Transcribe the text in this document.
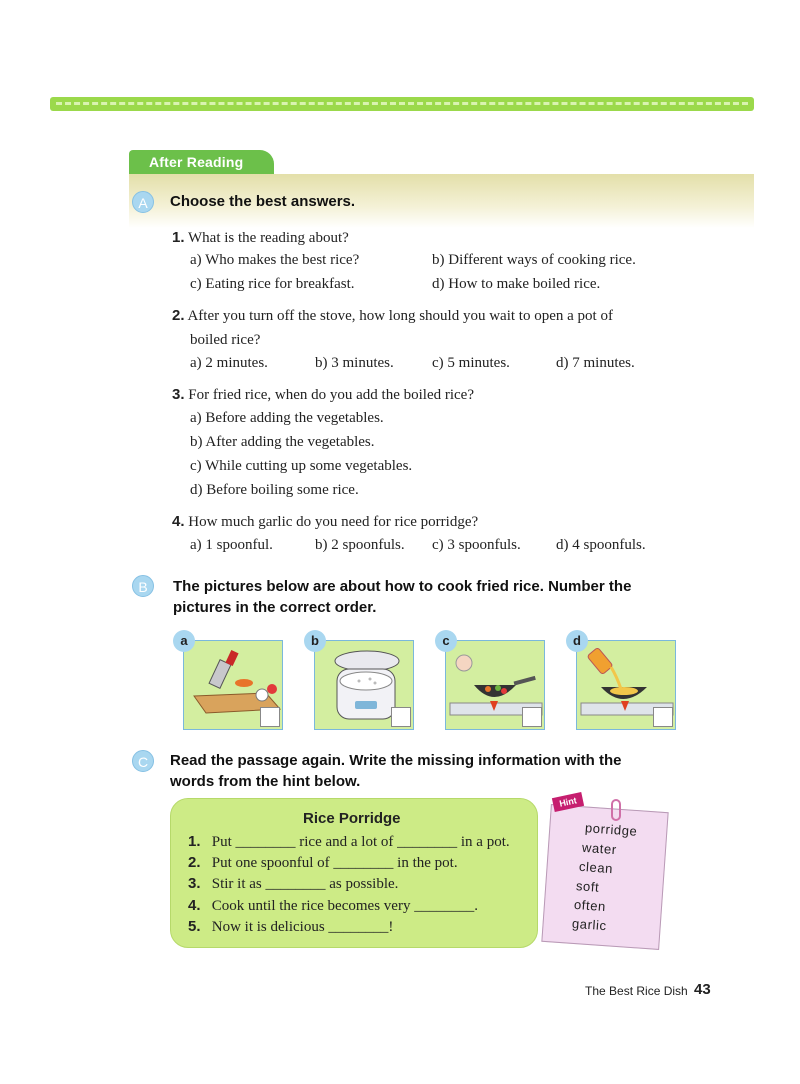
After Reading
A	Choose the best answers.
1. What is the reading about?
a) Who makes the best rice?	b) Different ways of cooking rice.
c) Eating rice for breakfast.	d) How to make boiled rice.
2. After you turn off the stove, how long should you wait to open a pot of
boiled rice?
a) 2 minutes.	b) 3 minutes.	c) 5 minutes.	d) 7 minutes.
3. For fried rice, when do you add the boiled rice?
a) Before adding the vegetables.
b) After adding the vegetables.
c) While cutting up some vegetables.
d) Before boiling some rice.
4. How much garlic do you need for rice porridge?
a) 1 spoonful.	b) 2 spoonfuls. c) 3 spoonfuls. d) 4 spoonfuls.
B	The pictures below are about how to cook fried rice. Number the
pictures in the correct order.
a	b	c	d
C	Read the passage again. Write the missing information with the
words from the hint below.
Rice Porridge
1. Put ________ rice and a lot of ________ in a pot.
2. Put one spoonful of ________ in the pot.
3. Stir it as ________ as possible.
4. Cook until the rice becomes very ________.
5. Now it is delicious ________!
Hint
porridge
water
clean
soft
often
garlic
The Best Rice Dish 43
